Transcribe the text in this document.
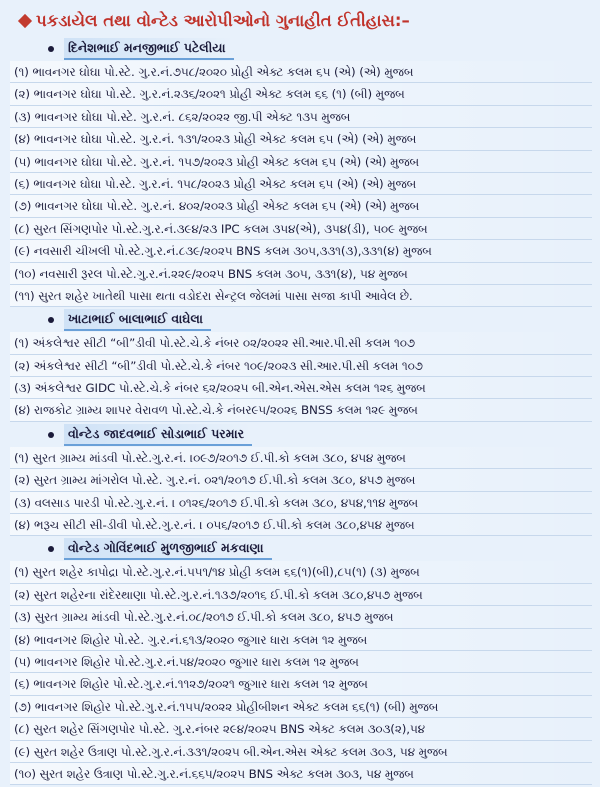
પકડાયેલ તથા વોન્ટેડ આરોપીઓનો ગુનાહીત ઈતીહાસ:–
દિનેશભાઈ મનજીભાઈ પટેલીયા
(૧) ભાવનગર ઘોઘા પો.સ્ટે. ગુ.ર.નં.૭૫૮/૨૦૨૦ પ્રોહી એક્ટ કલમ ૬૫ (એ) (એ) મુજબ
(૨) ભાવનગર ઘોઘા પો.સ્ટે. ગુ.ર.નં.૨૩૬/૨૦૨૧ પ્રોહી એક્ટ કલમ ૬૬ (૧) (બી) મુજબ
(૩) ભાવનગર ઘોઘા પો.સ્ટે. ગુ.ર.નં. ૮૬૨/૨૦૨૨ જી.પી એક્ટ ૧૩૫ મુજબ
(૪) ભાવનગર ઘોઘા પો.સ્ટે. ગુ.ર.નં. ૧૩૧/૨૦૨૩ પ્રોહી એક્ટ કલમ ૬૫ (એ) (એ) મુજબ
(૫) ભાવનગર ઘોઘા પો.સ્ટે. ગુ.ર.નં. ૧૫૭/૨૦૨૩ પ્રોહી એક્ટ કલમ ૬૫ (એ) (એ) મુજબ
(૬) ભાવનગર ઘોઘા પો.સ્ટે. ગુ.ર.નં. ૧૫૮/૨૦૨૩ પ્રોહી એક્ટ કલમ ૬૫ (એ) (એ) મુજબ
(૭) ભાવનગર ઘોઘા પો.સ્ટે. ગુ.ર.નં. ૪૦૨/૨૦૨૩ પ્રોહી એક્ટ કલમ ૬૫ (એ) (એ) મુજબ
(૮) સુરત સિંગણપોર પો.સ્ટે.ગુ.ર.નં.૩૯૪/૨૩ IPC કલમ ૩૫૪(એ), ૩૫૪(ડી), ૫૦૯ મુજબ
(૯) નવસારી ચીખલી પો.સ્ટે.ગુ.ર.નં.૮૩૯/૨૦૨૫ BNS કલમ ૩૦૫,૩૩૧(૩),૩૩૧(૪) મુજબ
(૧૦) નવસારી રૂરલ પો.સ્ટે.ગુ.ર.નં.૨૨૯/૨૦૨૫ BNS કલમ ૩૦૫, ૩૩૧(૪), ૫૪ મુજબ
(૧૧) સુરત શહેર ખાતેથી પાસા થતા વડોદરા સેન્ટ્રલ જેલમાં પાસા સજા કાપી આવેલ છે.
ખાટાભાઈ બાલાભાઈ વાઘેલા
(૧) અંકલેશ્વર સીટી “બી”ડીવી પો.સ્ટે.ચે.કે નંબર ૦૨/૨૦૨૨ સી.આર.પી.સી કલમ ૧૦૭
(૨) અંકલેશ્વર સીટી “બી”ડીવી પો.સ્ટે.ચે.કે નંબર ૧૦૯/૨૦૨૩ સી.આર.પી.સી કલમ ૧૦૭
(૩) અંકલેશ્વર GIDC પો.સ્ટે.ચે.કે નંબર ૬૨/૨૦૨૫ બી.એન.એસ.એસ કલમ ૧૨૬ મુજબ
(૪) રાજકોટ ગ્રામ્ય શાપર વેરાવળ પો.સ્ટે.ચે.કે નંબર૯૫/૨૦૨૬ BNSS કલમ ૧૨૯ મુજબ
વોન્ટેડ જાદવભાઈ સોડાભાઈ પરમાર
(૧) સુરત ગ્રામ્ય માંડવી પો.સ્ટે.ગુ.ર.નં. ।૦૯૭/૨૦૧૭ ઈ.પી.કો કલમ ૩૮૦, ૪૫૪ મુજબ
(૨) સુરત ગ્રામ્ય માંગરોલ પો.સ્ટે. ગુ.ર.નં. ૦૨૧/૨૦૧૭ ઈ.પી.કો કલમ ૩૮૦, ૪૫૭ મુજબ
(૩) વલસાડ પારડી પો.સ્ટે.ગુ.ર.નં. । ૦૧૨૬/૨૦૧૭ ઈ.પી.કો કલમ ૩૮૦, ૪૫૪,૧૧૪ મુજબ
(૪) ભરૂચ સીટી સી-ડીવી પો.સ્ટે.ગુ.ર.નં. । ૦૫૬/૨૦૧૭ ઈ.પી.કો કલમ ૩૮૦,૪૫૪ મુજબ
વોન્ટેડ ગોવિંદભાઈ મુળજીભાઈ મકવાણા
(૧) સુરત શહેર કાપોદ્રા પો.સ્ટે.ગુ.ર.નં.૫૫૧/૧૪ પ્રોહી કલમ ૬૬(૧)(બી),૮૫(૧) (૩) મુજબ
(૨) સુરત શહેરના રાંદેરથાણા પો.સ્ટે.ગુ.ર.નં.૧૩૭/૨૦૧૬ ઈ.પી.કો કલમ ૩૮૦,૪૫૭ મુજબ
(૩) સુરત ગ્રામ્ય માંડવી પો.સ્ટે.ગુ.ર.નં.૦૮/૨૦૧૭ ઈ.પી.કો કલમ ૩૮૦, ૪૫૭ મુજબ
(૪) ભાવનગર શિહોર પો.સ્ટે. ગુ.ર.નં.૬૧૩/૨૦૨૦ જુગાર ધારા કલમ ૧૨ મુજબ
(૫) ભાવનગર શિહોર પો.સ્ટે.ગુ.ર.નં.૫૪/૨૦૨૦ જુગાર ધારા કલમ ૧૨ મુજબ
(૬) ભાવનગર શિહોર પો.સ્ટે.ગુ.ર.નં.૧૧૨૭/૨૦૨૧ જુગાર ધારા કલમ ૧૨ મુજબ
(૭) ભાવનગર શિહોર પો.સ્ટે.ગુ.ર.નં.૧૫૫/૨૦૨૨ પ્રોહીબીશન એક્ટ કલમ ૬૬(૧) (બી) મુજબ
(૮) સુરત શહેર સિંગણપોર પો.સ્ટે. ગુ.ર.નંબર ૨૯૪/૨૦૨૫ BNS એક્ટ કલમ ૩૦૩(૨),૫૪
(૯) સુરત શહેર ઉત્રાણ પો.સ્ટે.ગુ.ર.નં.૩૩૧/૨૦૨૫ બી.એન.એસ એક્ટ કલમ ૩૦૩, ૫૪ મુજબ
(૧૦) સુરત શહેર ઉત્રાણ પો.સ્ટે.ગુ.ર.નં.૬૬૫/૨૦૨૫ BNS એક્ટ કલમ ૩૦૩, ૫૪ મુજબ
